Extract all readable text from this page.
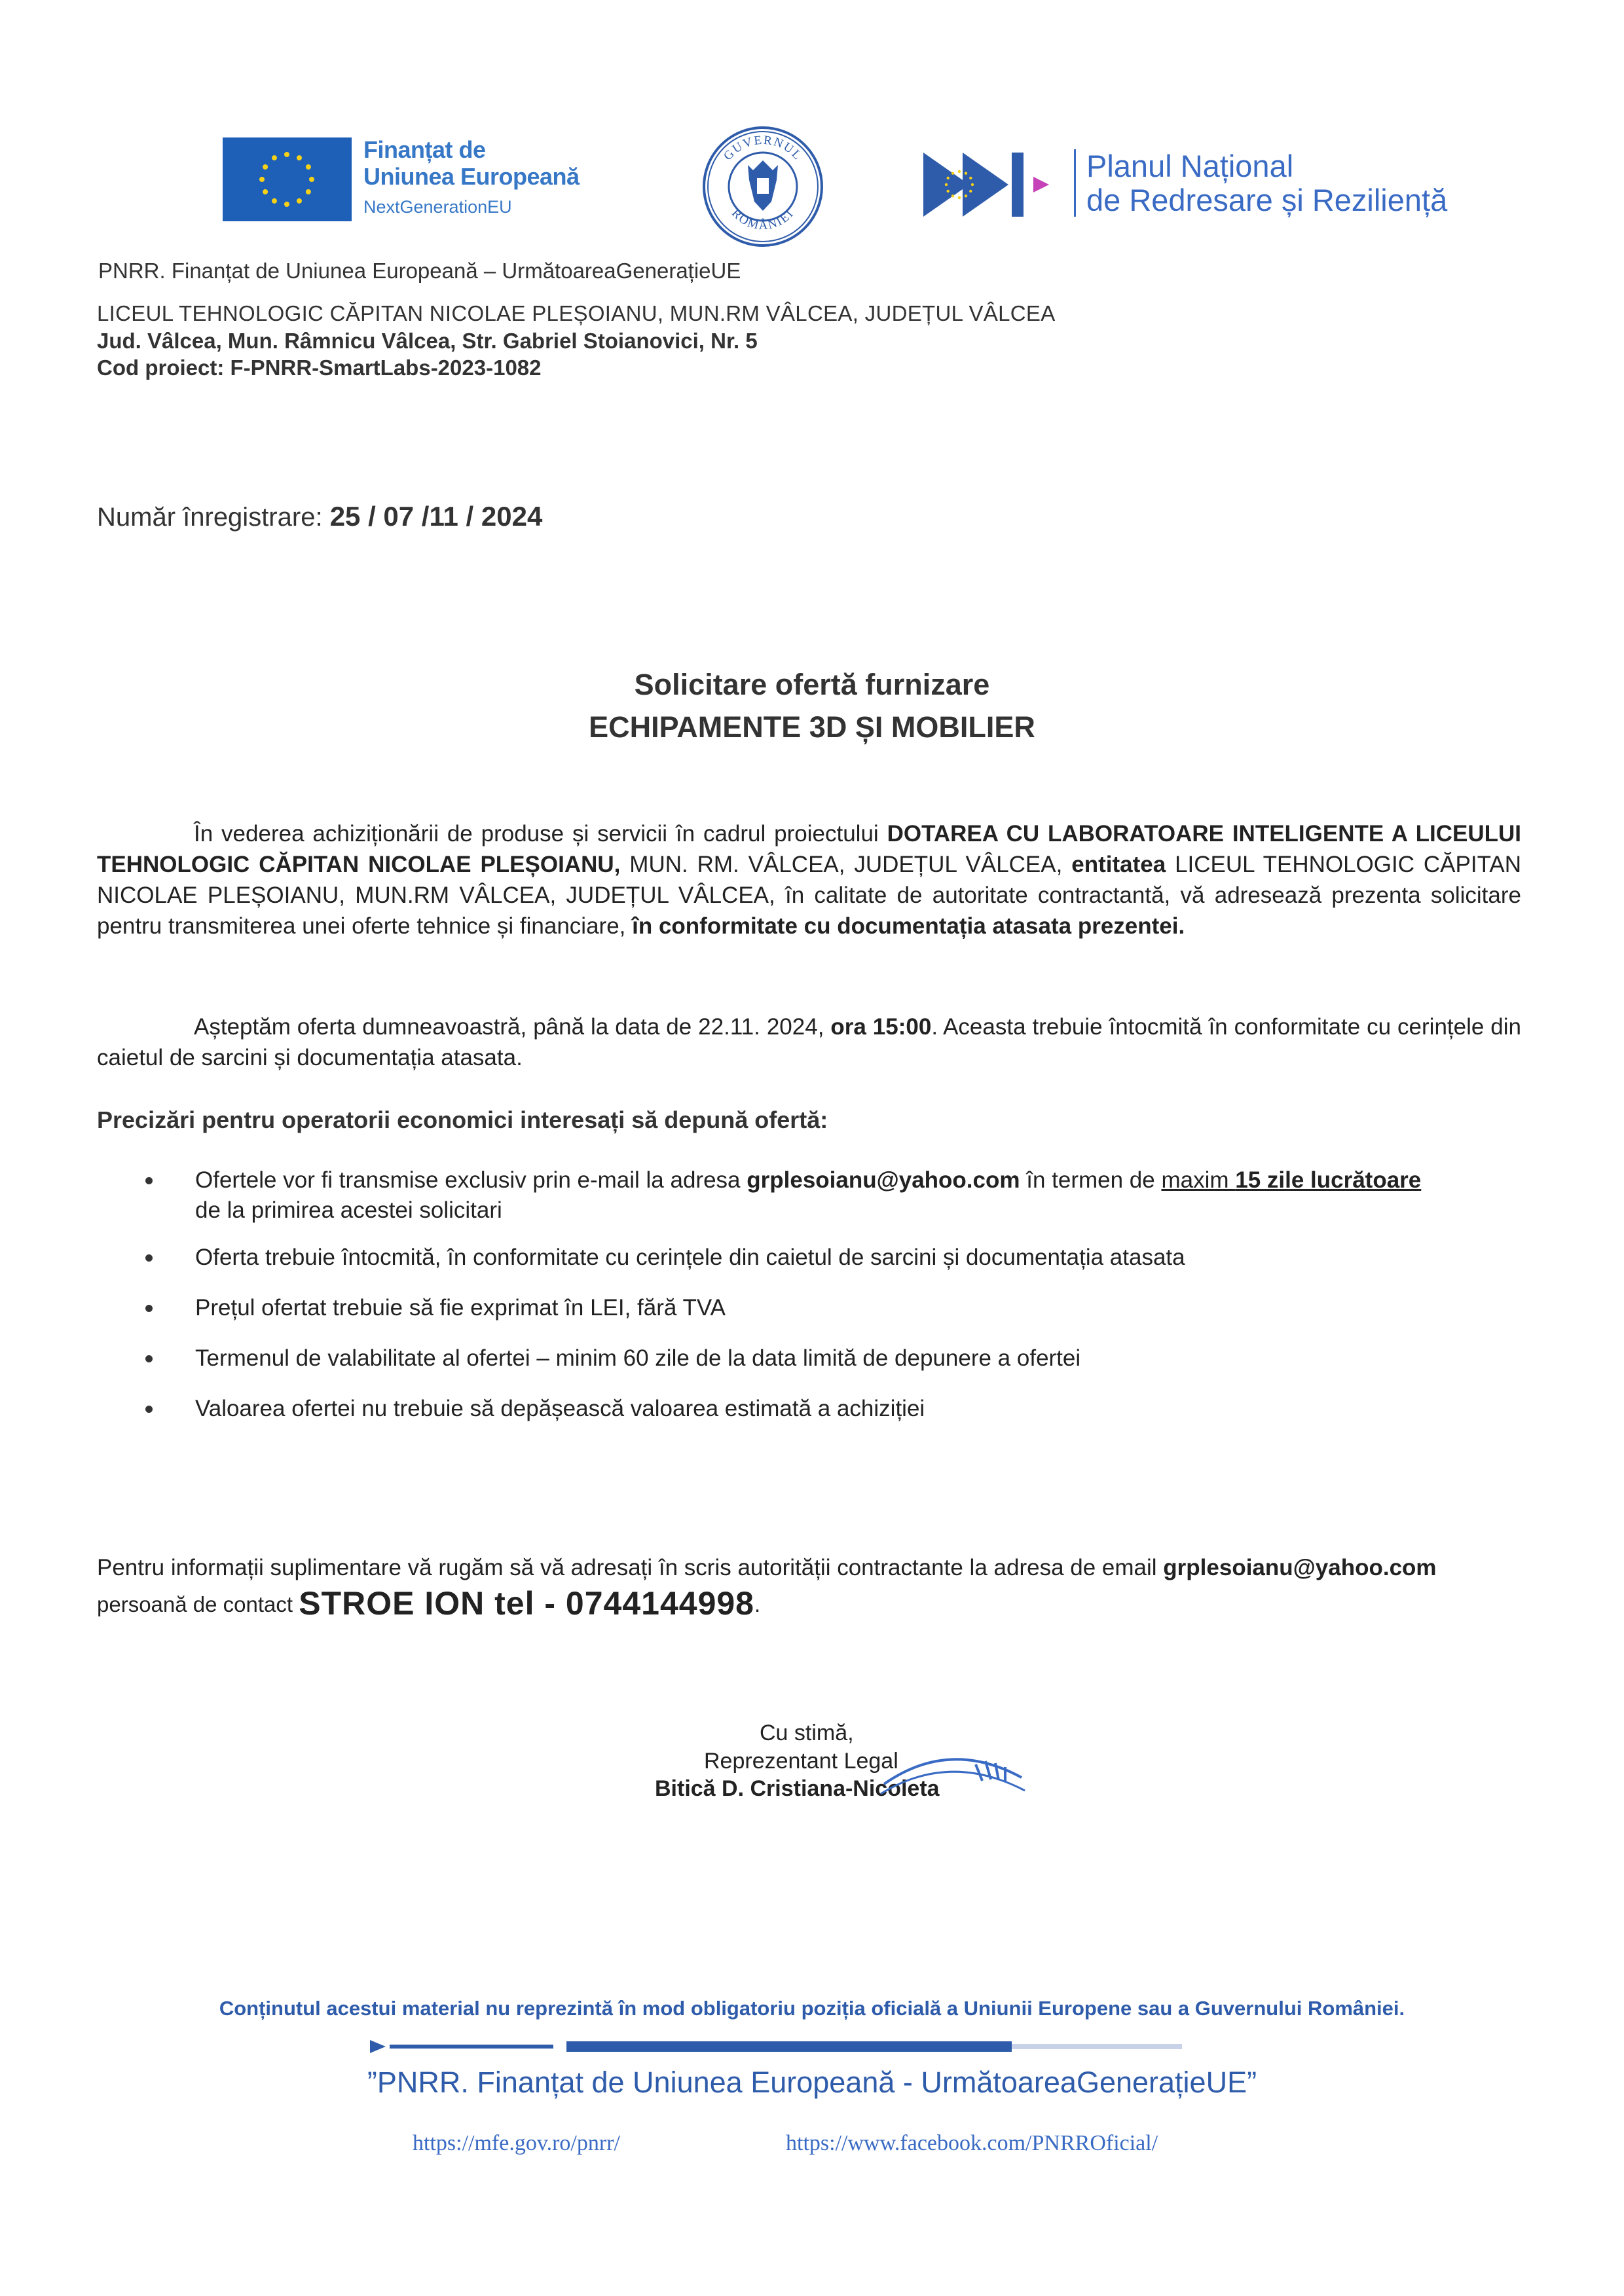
Finanțat de
Uniunea Europeană
NextGenerationEU
GUVERNUL
ROMÂNIEI
Planul Național
de Redresare și Reziliență
PNRR. Finanțat de Uniunea Europeană – UrmătoareaGenerațieUE
LICEUL TEHNOLOGIC CĂPITAN NICOLAE PLEȘOIANU, MUN.RM VÂLCEA, JUDEȚUL VÂLCEA
Jud. Vâlcea, Mun. Râmnicu Vâlcea, Str. Gabriel Stoianovici, Nr. 5
Cod proiect: F-PNRR-SmartLabs-2023-1082
Număr înregistrare: 25 / 07 /11 / 2024
Solicitare ofertă furnizare
ECHIPAMENTE 3D ȘI MOBILIER
În vederea achiziționării de produse și servicii în cadrul proiectului DOTAREA CU LABORATOARE INTELIGENTE A LICEULUI TEHNOLOGIC CĂPITAN NICOLAE PLEȘOIANU, MUN. RM. VÂLCEA, JUDEȚUL VÂLCEA, entitatea LICEUL TEHNOLOGIC CĂPITAN NICOLAE PLEȘOIANU, MUN.RM VÂLCEA, JUDEȚUL VÂLCEA, în calitate de autoritate contractantă, vă adresează prezenta solicitare pentru transmiterea unei oferte tehnice și financiare, în conformitate cu documentația atasata prezentei.
Așteptăm oferta dumneavoastră, până la data de 22.11. 2024, ora 15:00. Aceasta trebuie întocmită în conformitate cu cerințele din caietul de sarcini și documentația atasata.
Precizări pentru operatorii economici interesați să depună ofertă:
Ofertele vor fi transmise exclusiv prin e-mail la adresa grplesoianu@yahoo.com în termen de maxim 15 zile lucrătoare
de la primirea acestei solicitari
Oferta trebuie întocmită, în conformitate cu cerințele din caietul de sarcini și documentația atasata
Prețul ofertat trebuie să fie exprimat în LEI, fără TVA
Termenul de valabilitate al ofertei – minim 60 zile de la data limită de depunere a ofertei
Valoarea ofertei nu trebuie să depășească valoarea estimată a achiziției
Pentru informații suplimentare vă rugăm să vă adresați în scris autorității contractante la adresa de email grplesoianu@yahoo.com
persoană de contact STROE ION tel - 0744144998.
Cu stimă,
Reprezentant Legal
Bitică D. Cristiana-Nicoleta
Conținutul acestui material nu reprezintă în mod obligatoriu poziția oficială a Uniunii Europene sau a Guvernului României.
”PNRR. Finanțat de Uniunea Europeană - UrmătoareaGenerațieUE”
https://mfe.gov.ro/pnrr/	https://www.facebook.com/PNRROficial/
